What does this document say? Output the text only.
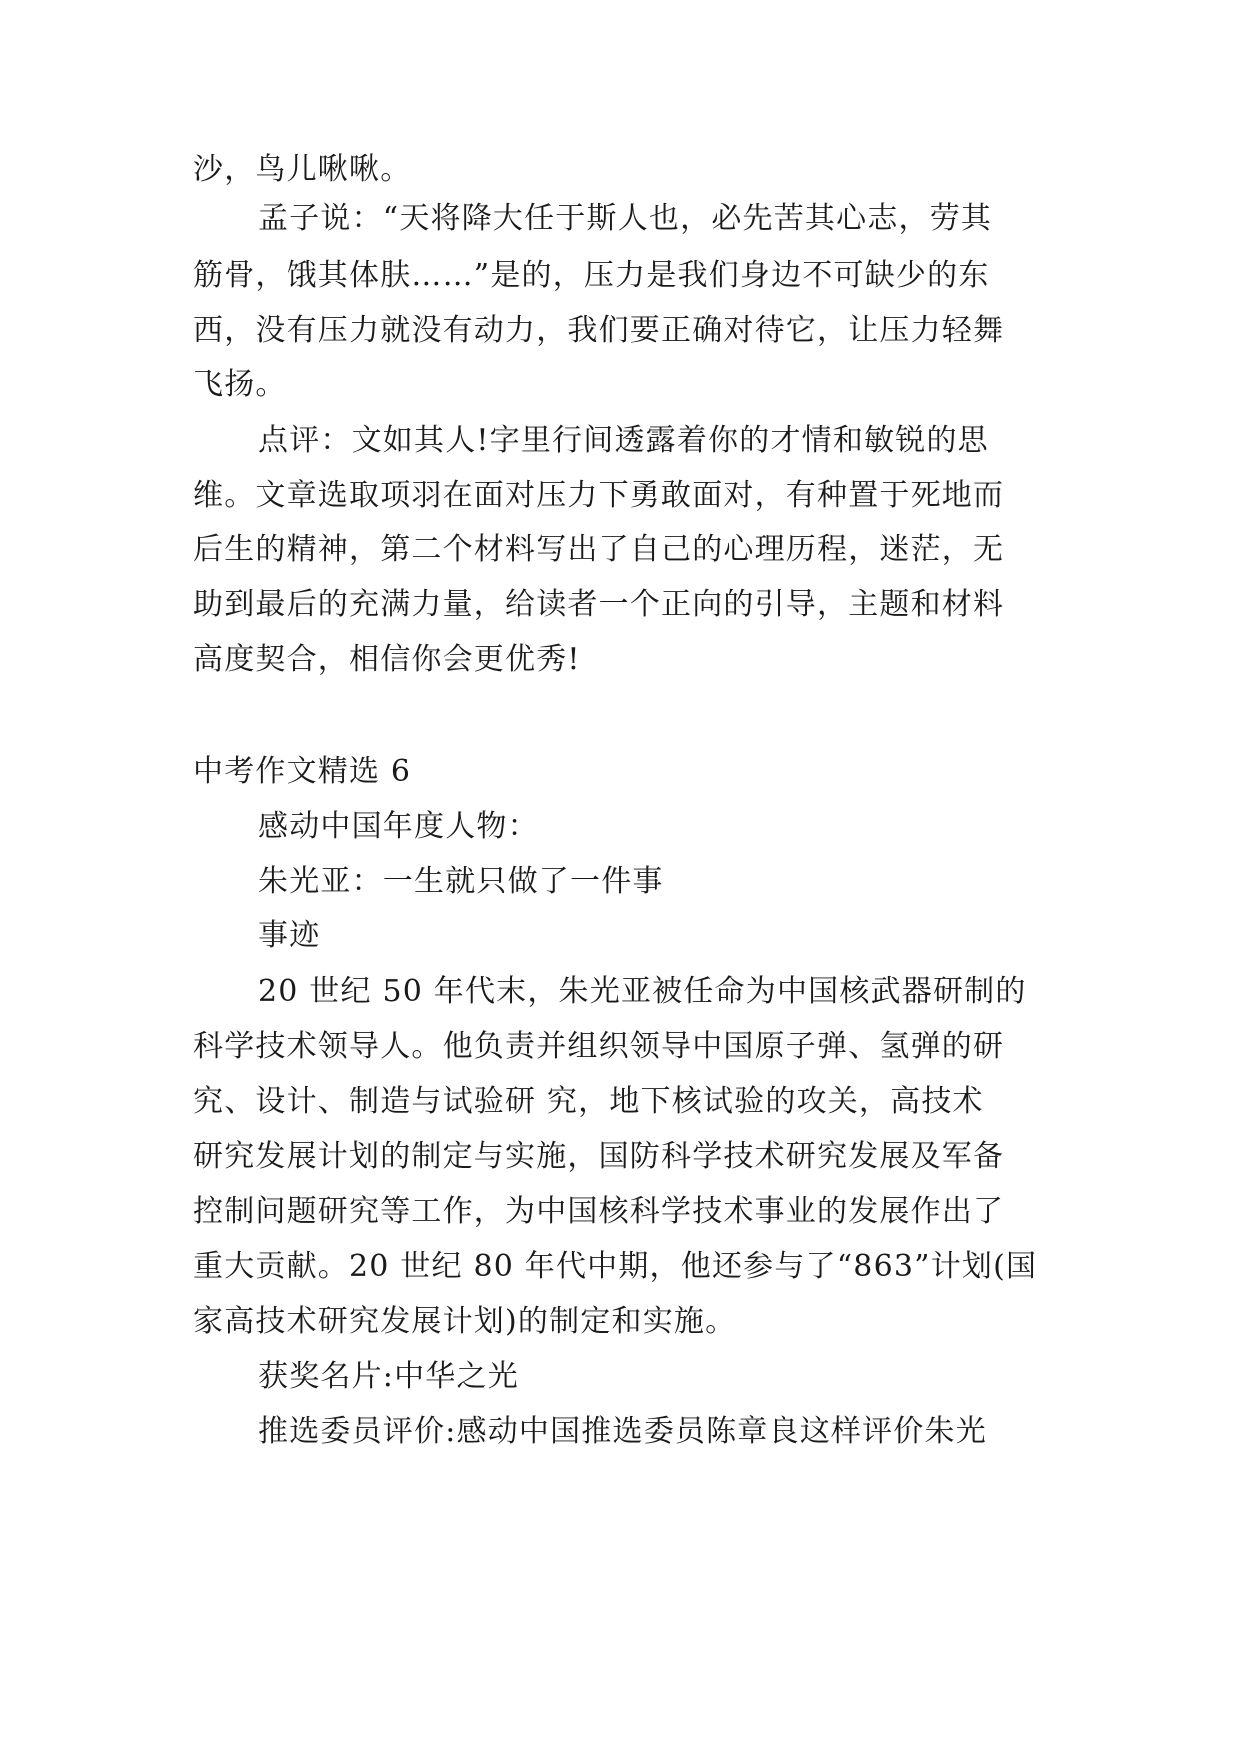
沙，鸟儿啾啾。
孟子说：“天将降大任于斯人也，必先苦其心志，劳其
筋骨，饿其体肤……”是的，压力是我们身边不可缺少的东
西，没有压力就没有动力，我们要正确对待它，让压力轻舞
飞扬。
点评：文如其人!字里行间透露着你的才情和敏锐的思
维。文章选取项羽在面对压力下勇敢面对，有种置于死地而
后生的精神，第二个材料写出了自己的心理历程，迷茫，无
助到最后的充满力量，给读者一个正向的引导，主题和材料
高度契合，相信你会更优秀!
中考作文精选 6
感动中国年度人物：
朱光亚：一生就只做了一件事
事迹
20 世纪 50 年代末，朱光亚被任命为中国核武器研制的
科学技术领导人。他负责并组织领导中国原子弹、氢弹的研
究、设计、制造与试验研 究，地下核试验的攻关，高技术
研究发展计划的制定与实施，国防科学技术研究发展及军备
控制问题研究等工作，为中国核科学技术事业的发展作出了
重大贡献。20 世纪 80 年代中期，他还参与了“863”计划(国
家高技术研究发展计划)的制定和实施。
获奖名片:中华之光
推选委员评价:感动中国推选委员陈章良这样评价朱光
